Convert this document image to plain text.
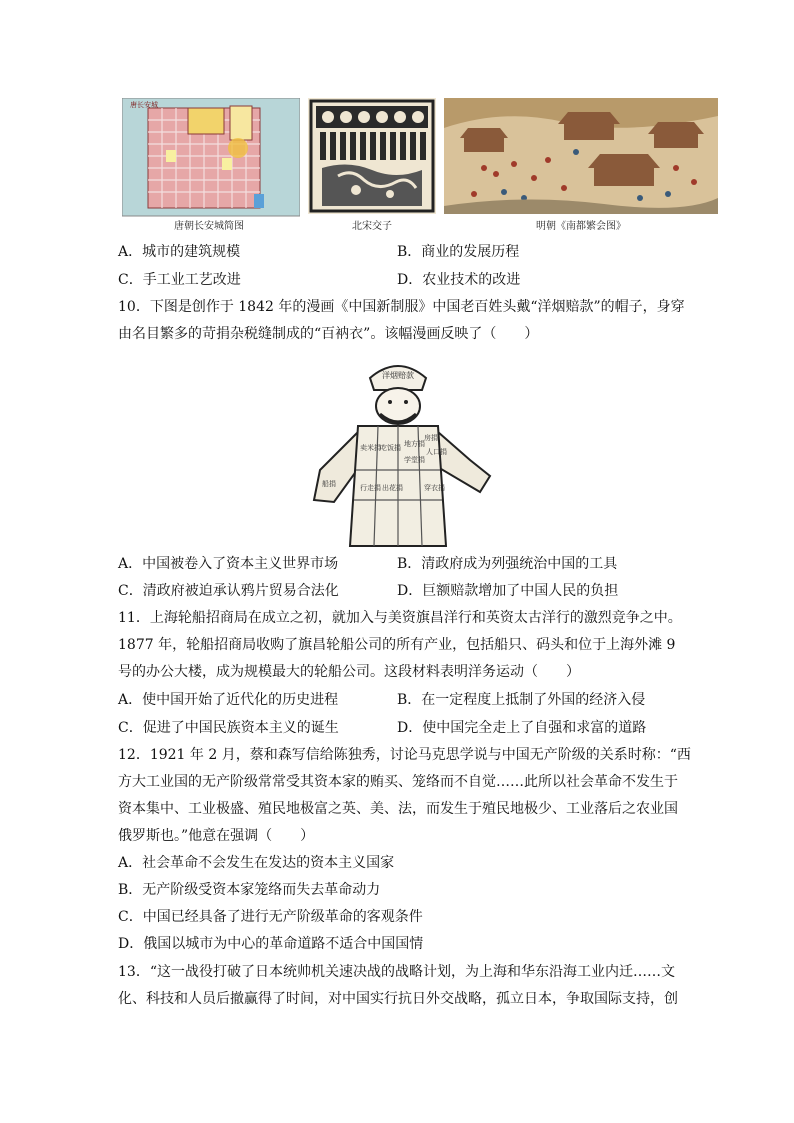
唐长安城
唐朝长安城简图	北宋交子	明朝《南都繁会图》
A．城市的建筑规模	B．商业的发展历程
C．手工业工艺改进	D．农业技术的改进
10．下图是创作于 1842 年的漫画《中国新制服》中国老百姓头戴“洋烟赔款”的帽子，身穿
由名目繁多的苛捐杂税缝制成的“百衲衣”。该幅漫画反映了（　　）
洋烟赔款
房捐
人口捐
地方捐
学堂捐
吃饭捐
卖米捐
行走捐 出花捐	穿衣捐
船捐
A．中国被卷入了资本主义世界市场	B．清政府成为列强统治中国的工具
C．清政府被迫承认鸦片贸易合法化	D．巨额赔款增加了中国人民的负担
11．上海轮船招商局在成立之初，就加入与美资旗昌洋行和英资太古洋行的激烈竞争之中。
1877 年，轮船招商局收购了旗昌轮船公司的所有产业，包括船只、码头和位于上海外滩 9
号的办公大楼，成为规模最大的轮船公司。这段材料表明洋务运动（　　）
A．使中国开始了近代化的历史进程	B．在一定程度上抵制了外国的经济入侵
C．促进了中国民族资本主义的诞生	D．使中国完全走上了自强和求富的道路
12．1921 年 2 月，蔡和森写信给陈独秀，讨论马克思学说与中国无产阶级的关系时称：“西
方大工业国的无产阶级常常受其资本家的贿买、笼络而不自觉……此所以社会革命不发生于
资本集中、工业极盛、殖民地极富之英、美、法，而发生于殖民地极少、工业落后之农业国
俄罗斯也。”他意在强调（　　）
A．社会革命不会发生在发达的资本主义国家
B．无产阶级受资本家笼络而失去革命动力
C．中国已经具备了进行无产阶级革命的客观条件
D．俄国以城市为中心的革命道路不适合中国国情
13．“这一战役打破了日本统帅机关速决战的战略计划，为上海和华东沿海工业内迁……文
化、科技和人员后撤赢得了时间，对中国实行抗日外交战略，孤立日本，争取国际支持，创
